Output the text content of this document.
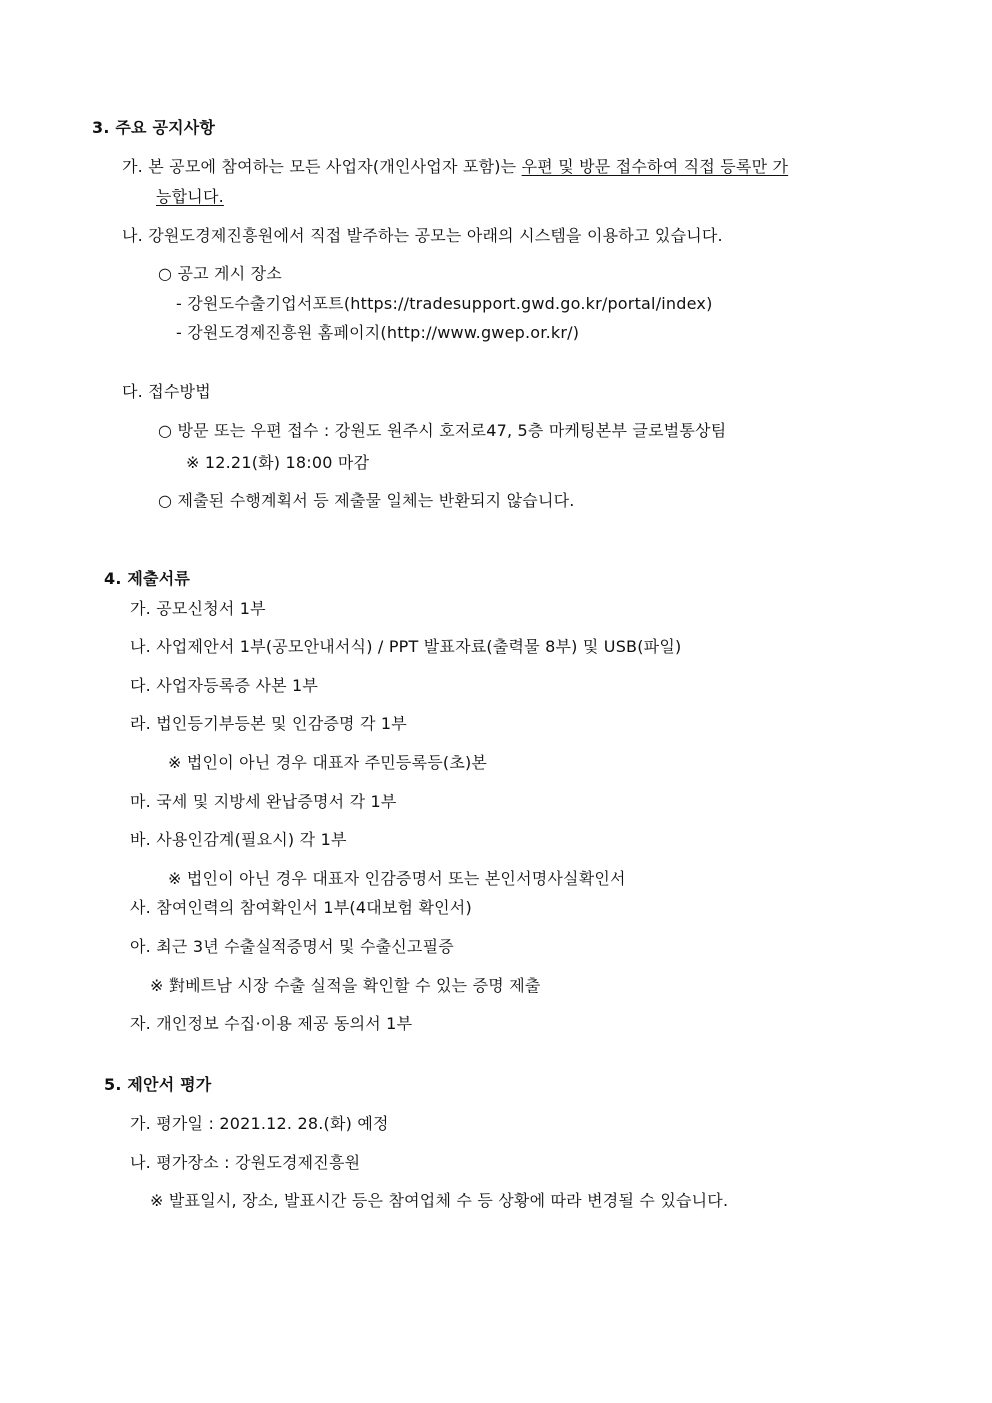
3. 주요 공지사항
가. 본 공모에 참여하는 모든 사업자(개인사업자 포함)는 우편 및 방문 접수하여 직접 등록만 가
능합니다.
나. 강원도경제진흥원에서 직접 발주하는 공모는 아래의 시스템을 이용하고 있습니다.
○ 공고 게시 장소
- 강원도수출기업서포트(https://tradesupport.gwd.go.kr/portal/index)
- 강원도경제진흥원 홈페이지(http://www.gwep.or.kr/)
다. 접수방법
○ 방문 또는 우편 접수 : 강원도 원주시 호저로47, 5층 마케팅본부 글로벌통상팀
※ 12.21(화) 18:00 마감
○ 제출된 수행계획서 등 제출물 일체는 반환되지 않습니다.
4. 제출서류
가. 공모신청서 1부
나. 사업제안서 1부(공모안내서식) / PPT 발표자료(출력물 8부) 및 USB(파일)
다. 사업자등록증 사본 1부
라. 법인등기부등본 및 인감증명 각 1부
※ 법인이 아닌 경우 대표자 주민등록등(초)본
마. 국세 및 지방세 완납증명서 각 1부
바. 사용인감계(필요시) 각 1부
※ 법인이 아닌 경우 대표자 인감증명서 또는 본인서명사실확인서
사. 참여인력의 참여확인서 1부(4대보험 확인서)
아. 최근 3년 수출실적증명서 및 수출신고필증
※ 對베트남 시장 수출 실적을 확인할 수 있는 증명 제출
자. 개인정보 수집·이용 제공 동의서 1부
5. 제안서 평가
가. 평가일 : 2021.12. 28.(화) 예정
나. 평가장소 : 강원도경제진흥원
※ 발표일시, 장소, 발표시간 등은 참여업체 수 등 상황에 따라 변경될 수 있습니다.
